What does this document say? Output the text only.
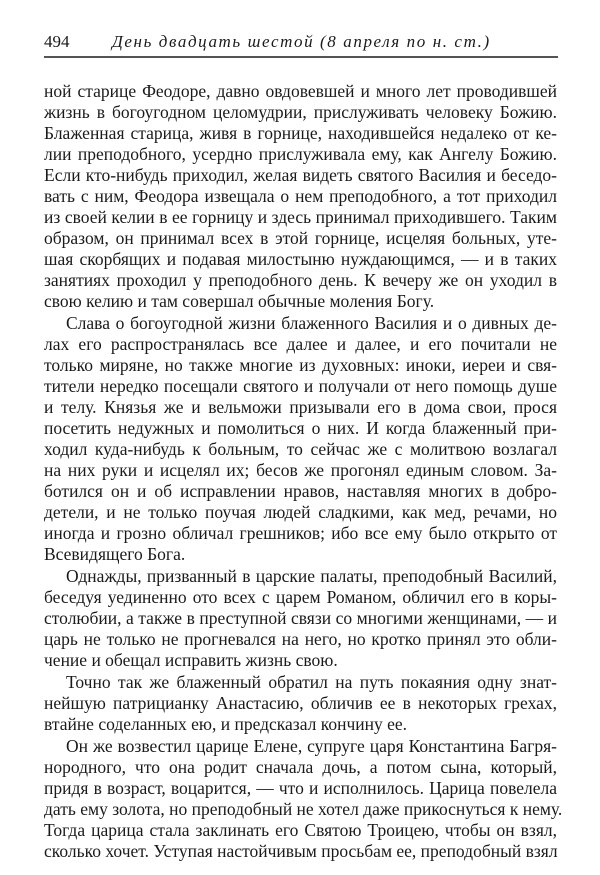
494	День двадцать шестой (8 апреля по н. ст.)
ной старице Феодоре, давно овдовевшей и много лет проводившей
жизнь в богоугодном целомудрии, прислуживать человеку Божию.
Блаженная старица, живя в горнице, находившейся недалеко от ке-
лии преподобного, усердно прислуживала ему, как Ангелу Божию.
Если кто-нибудь приходил, желая видеть святого Василия и беседо-
вать с ним, Феодора извещала о нем преподобного, а тот приходил
из своей келии в ее горницу и здесь принимал приходившего. Таким
образом, он принимал всех в этой горнице, исцеляя больных, уте-
шая скорбящих и подавая милостыню нуждающимся, — и в таких
занятиях проходил у преподобного день. К вечеру же он уходил в
свою келию и там совершал обычные моления Богу.
Слава о богоугодной жизни блаженного Василия и о дивных де-
лах его распространялась все далее и далее, и его почитали не
только миряне, но также многие из духовных: иноки, иереи и свя-
тители нередко посещали святого и получали от него помощь душе
и телу. Князья же и вельможи призывали его в дома свои, прося
посетить недужных и помолиться о них. И когда блаженный при-
ходил куда-нибудь к больным, то сейчас же с молитвою возлагал
на них руки и исцелял их; бесов же прогонял единым словом. За-
ботился он и об исправлении нравов, наставляя многих в добро-
детели, и не только поучая людей сладкими, как мед, речами, но
иногда и грозно обличал грешников; ибо все ему было открыто от
Всевидящего Бога.
Однажды, призванный в царские палаты, преподобный Василий,
беседуя уединенно ото всех с царем Романом, обличил его в коры-
столюбии, а также в преступной связи со многими женщинами, — и
царь не только не прогневался на него, но кротко принял это обли-
чение и обещал исправить жизнь свою.
Точно так же блаженный обратил на путь покаяния одну знат-
нейшую патрицианку Анастасию, обличив ее в некоторых грехах,
втайне соделанных ею, и предсказал кончину ее.
Он же возвестил царице Елене, супруге царя Константина Багря-
нородного, что она родит сначала дочь, а потом сына, который,
придя в возраст, воцарится, — что и исполнилось. Царица повелела
дать ему золота, но преподобный не хотел даже прикоснуться к нему.
Тогда царица стала заклинать его Святою Троицею, чтобы он взял,
сколько хочет. Уступая настойчивым просьбам ее, преподобный взял
